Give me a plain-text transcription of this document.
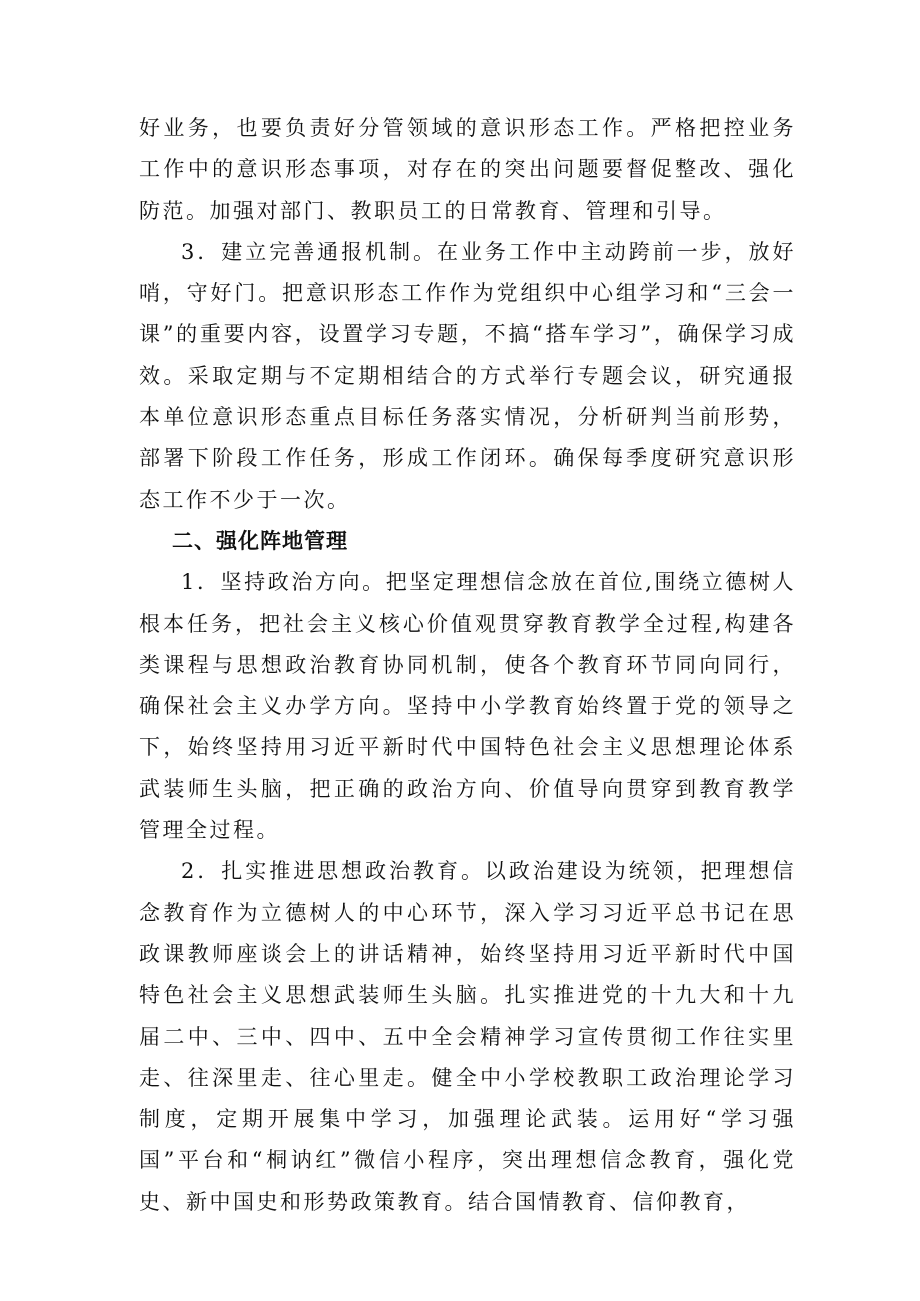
好业务，也要负责好分管领域的意识形态工作。严格把控业务工作中的意识形态事项，对存在的突出问题要督促整改、强化防范。加强对部门、教职员工的日常教育、管理和引导。

3．建立完善通报机制。在业务工作中主动跨前一步，放好哨，守好门。把意识形态工作作为党组织中心组学习和“三会一课”的重要内容，设置学习专题，不搞“搭车学习”，确保学习成效。采取定期与不定期相结合的方式举行专题会议，研究通报本单位意识形态重点目标任务落实情况，分析研判当前形势，部署下阶段工作任务，形成工作闭环。确保每季度研究意识形态工作不少于一次。

二、强化阵地管理

1．坚持政治方向。把坚定理想信念放在首位,围绕立德树人根本任务，把社会主义核心价值观贯穿教育教学全过程,构建各类课程与思想政治教育协同机制，使各个教育环节同向同行，确保社会主义办学方向。坚持中小学教育始终置于党的领导之下，始终坚持用习近平新时代中国特色社会主义思想理论体系武装师生头脑，把正确的政治方向、价值导向贯穿到教育教学管理全过程。

2．扎实推进思想政治教育。以政治建设为统领，把理想信念教育作为立德树人的中心环节，深入学习习近平总书记在思政课教师座谈会上的讲话精神，始终坚持用习近平新时代中国特色社会主义思想武装师生头脑。扎实推进党的十九大和十九届二中、三中、四中、五中全会精神学习宣传贯彻工作往实里走、往深里走、往心里走。健全中小学校教职工政治理论学习制度，定期开展集中学习，加强理论武装。运用好“学习强国”平台和“桐讷红”微信小程序，突出理想信念教育，强化党史、新中国史和形势政策教育。结合国情教育、信仰教育，
